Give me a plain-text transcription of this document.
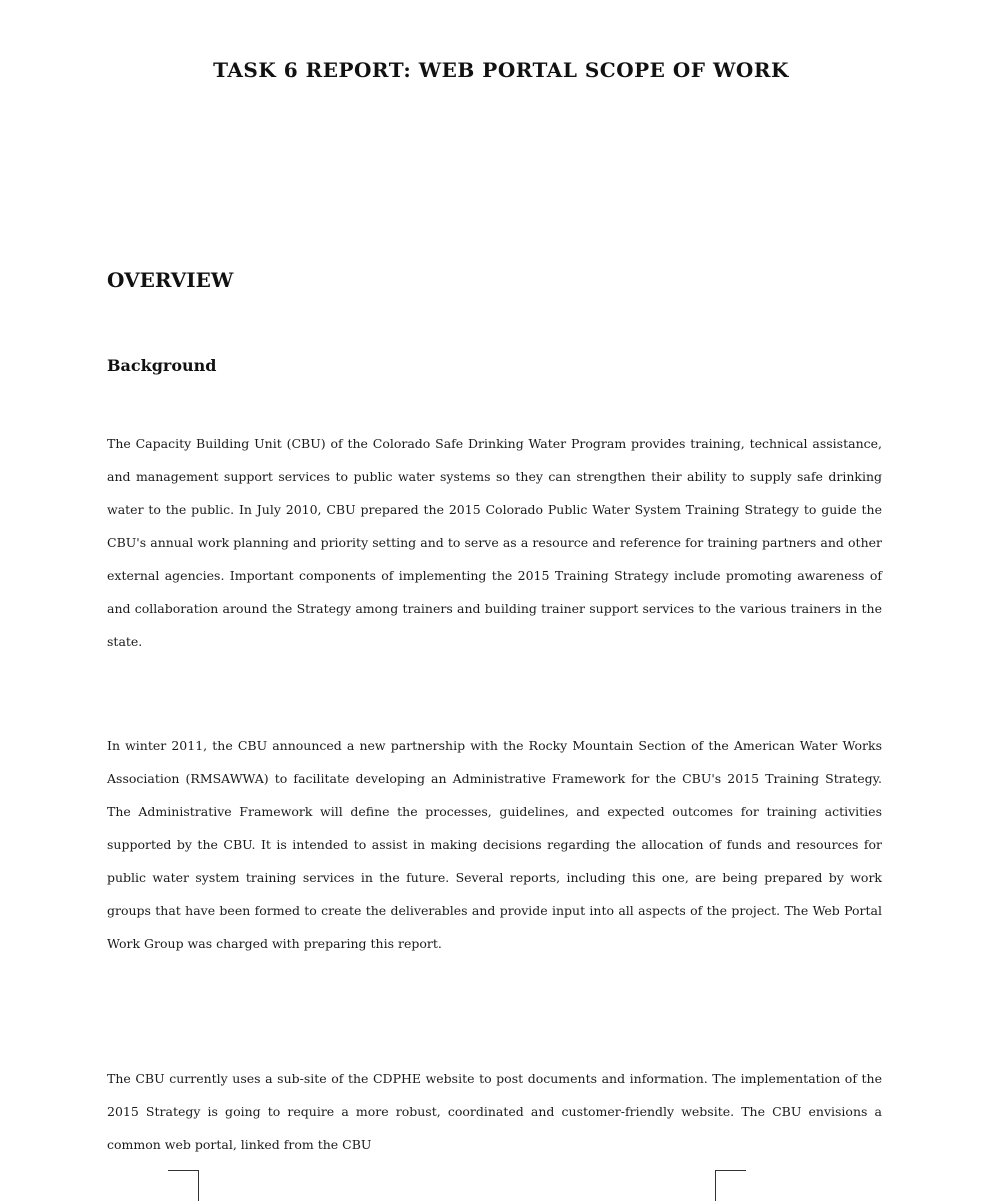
TASK 6 REPORT: WEB PORTAL SCOPE OF WORK
OVERVIEW
Background

The Capacity Building Unit (CBU) of the Colorado Safe Drinking Water Program provides training, technical assistance, and management support services to public water systems so they can strengthen their ability to supply safe drinking water to the public. In July 2010, CBU prepared the 2015 Colorado Public Water System Training Strategy to guide the CBU's annual work planning and priority setting and to serve as a resource and reference for training partners and other external agencies. Important components of implementing the 2015 Training Strategy include promoting awareness of and collaboration around the Strategy among trainers and building trainer support services to the various trainers in the state.

In winter 2011, the CBU announced a new partnership with the Rocky Mountain Section of the American Water Works Association (RMSAWWA) to facilitate developing an Administrative Framework for the CBU's 2015 Training Strategy. The Administrative Framework will define the processes, guidelines, and expected outcomes for training activities supported by the CBU. It is intended to assist in making decisions regarding the allocation of funds and resources for public water system training services in the future. Several reports, including this one, are being prepared by work groups that have been formed to create the deliverables and provide input into all aspects of the project. The Web Portal Work Group was charged with preparing this report.

The CBU currently uses a sub-site of the CDPHE website to post documents and information. The implementation of the 2015 Strategy is going to require a more robust, coordinated and customer-friendly website. The CBU envisions a common web portal, linked from the CBU
